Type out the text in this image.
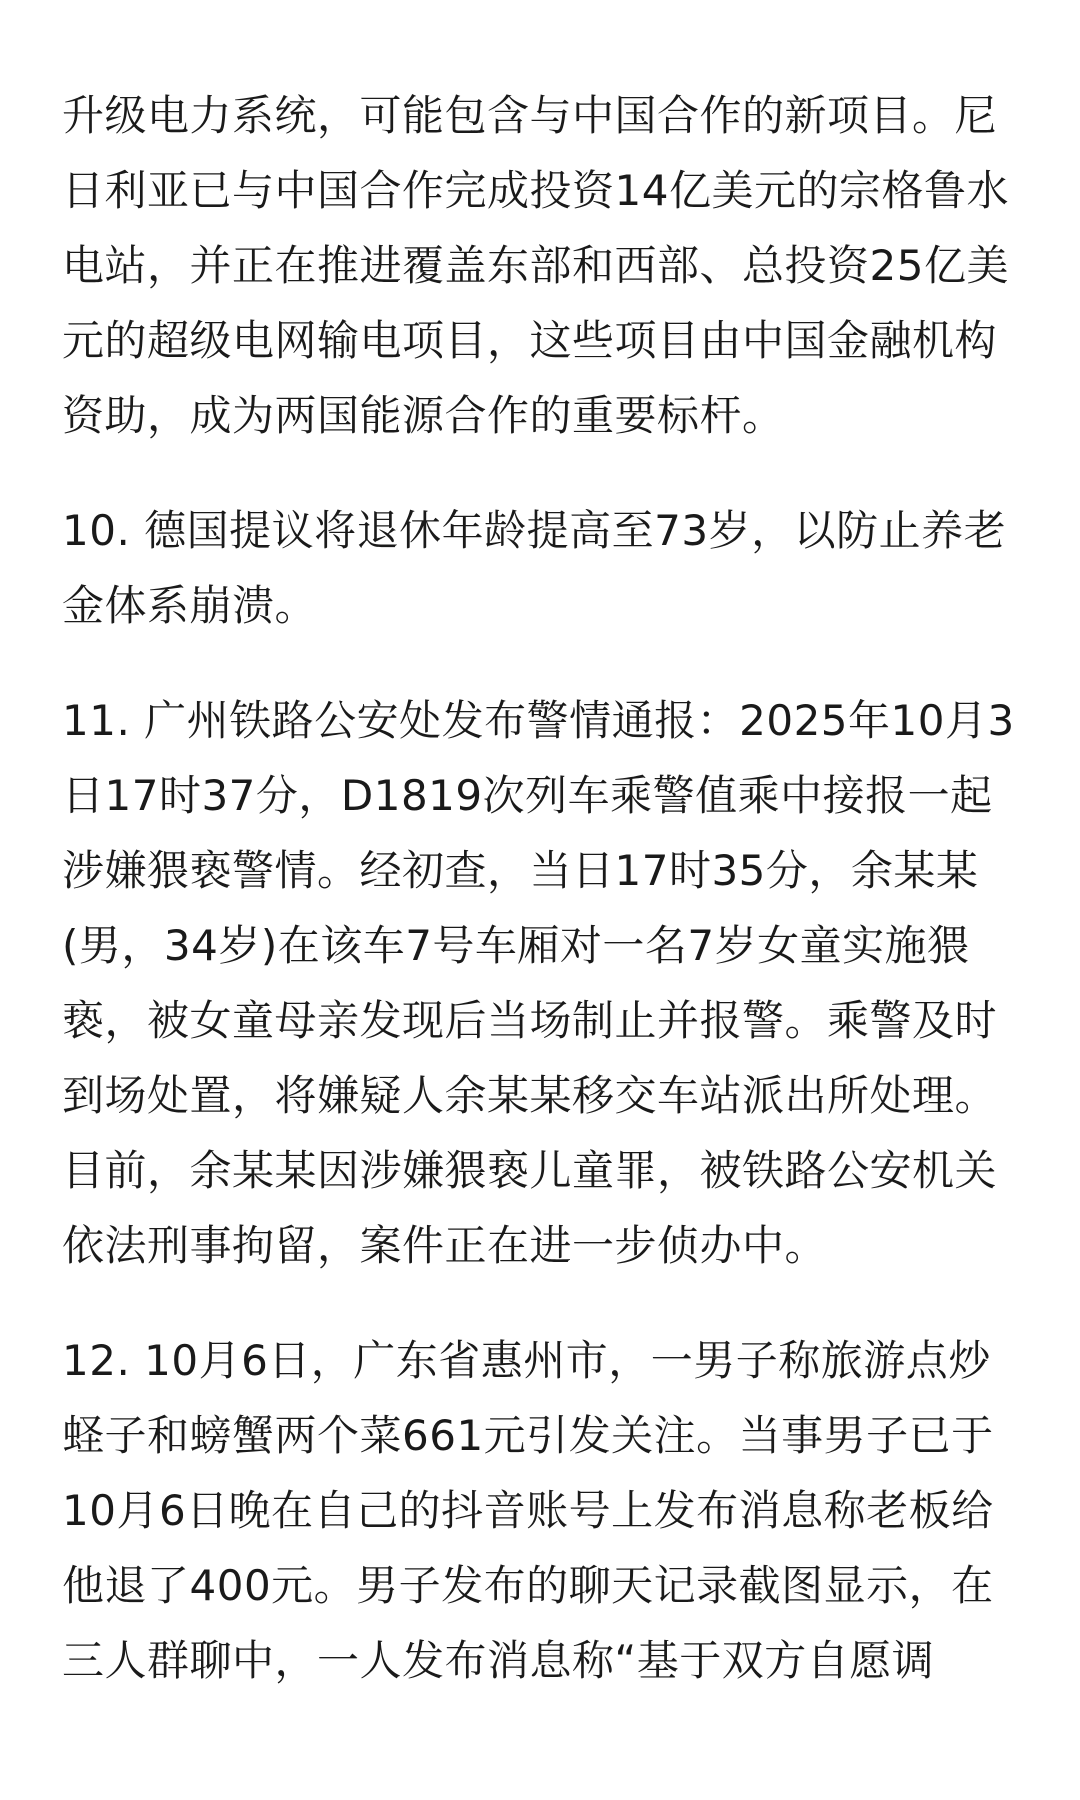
升级电力系统，可能包含与中国合作的新项目。尼
日利亚已与中国合作完成投资14亿美元的宗格鲁水
电站，并正在推进覆盖东部和西部、总投资25亿美
元的超级电网输电项目，这些项目由中国金融机构
资助，成为两国能源合作的重要标杆。

10. 德国提议将退休年龄提高至73岁，以防止养老
金体系崩溃。

11. 广州铁路公安处发布警情通报：2025年10月3
日17时37分，D1819次列车乘警值乘中接报一起
涉嫌猥亵警情。经初查，当日17时35分，余某某
(男，34岁)在该车7号车厢对一名7岁女童实施猥
亵，被女童母亲发现后当场制止并报警。乘警及时
到场处置，将嫌疑人余某某移交车站派出所处理。
目前，余某某因涉嫌猥亵儿童罪，被铁路公安机关
依法刑事拘留，案件正在进一步侦办中。

12. 10月6日，广东省惠州市，一男子称旅游点炒
蛏子和螃蟹两个菜661元引发关注。当事男子已于
10月6日晚在自己的抖音账号上发布消息称老板给
他退了400元。男子发布的聊天记录截图显示，在
三人群聊中，一人发布消息称“基于双方自愿调
